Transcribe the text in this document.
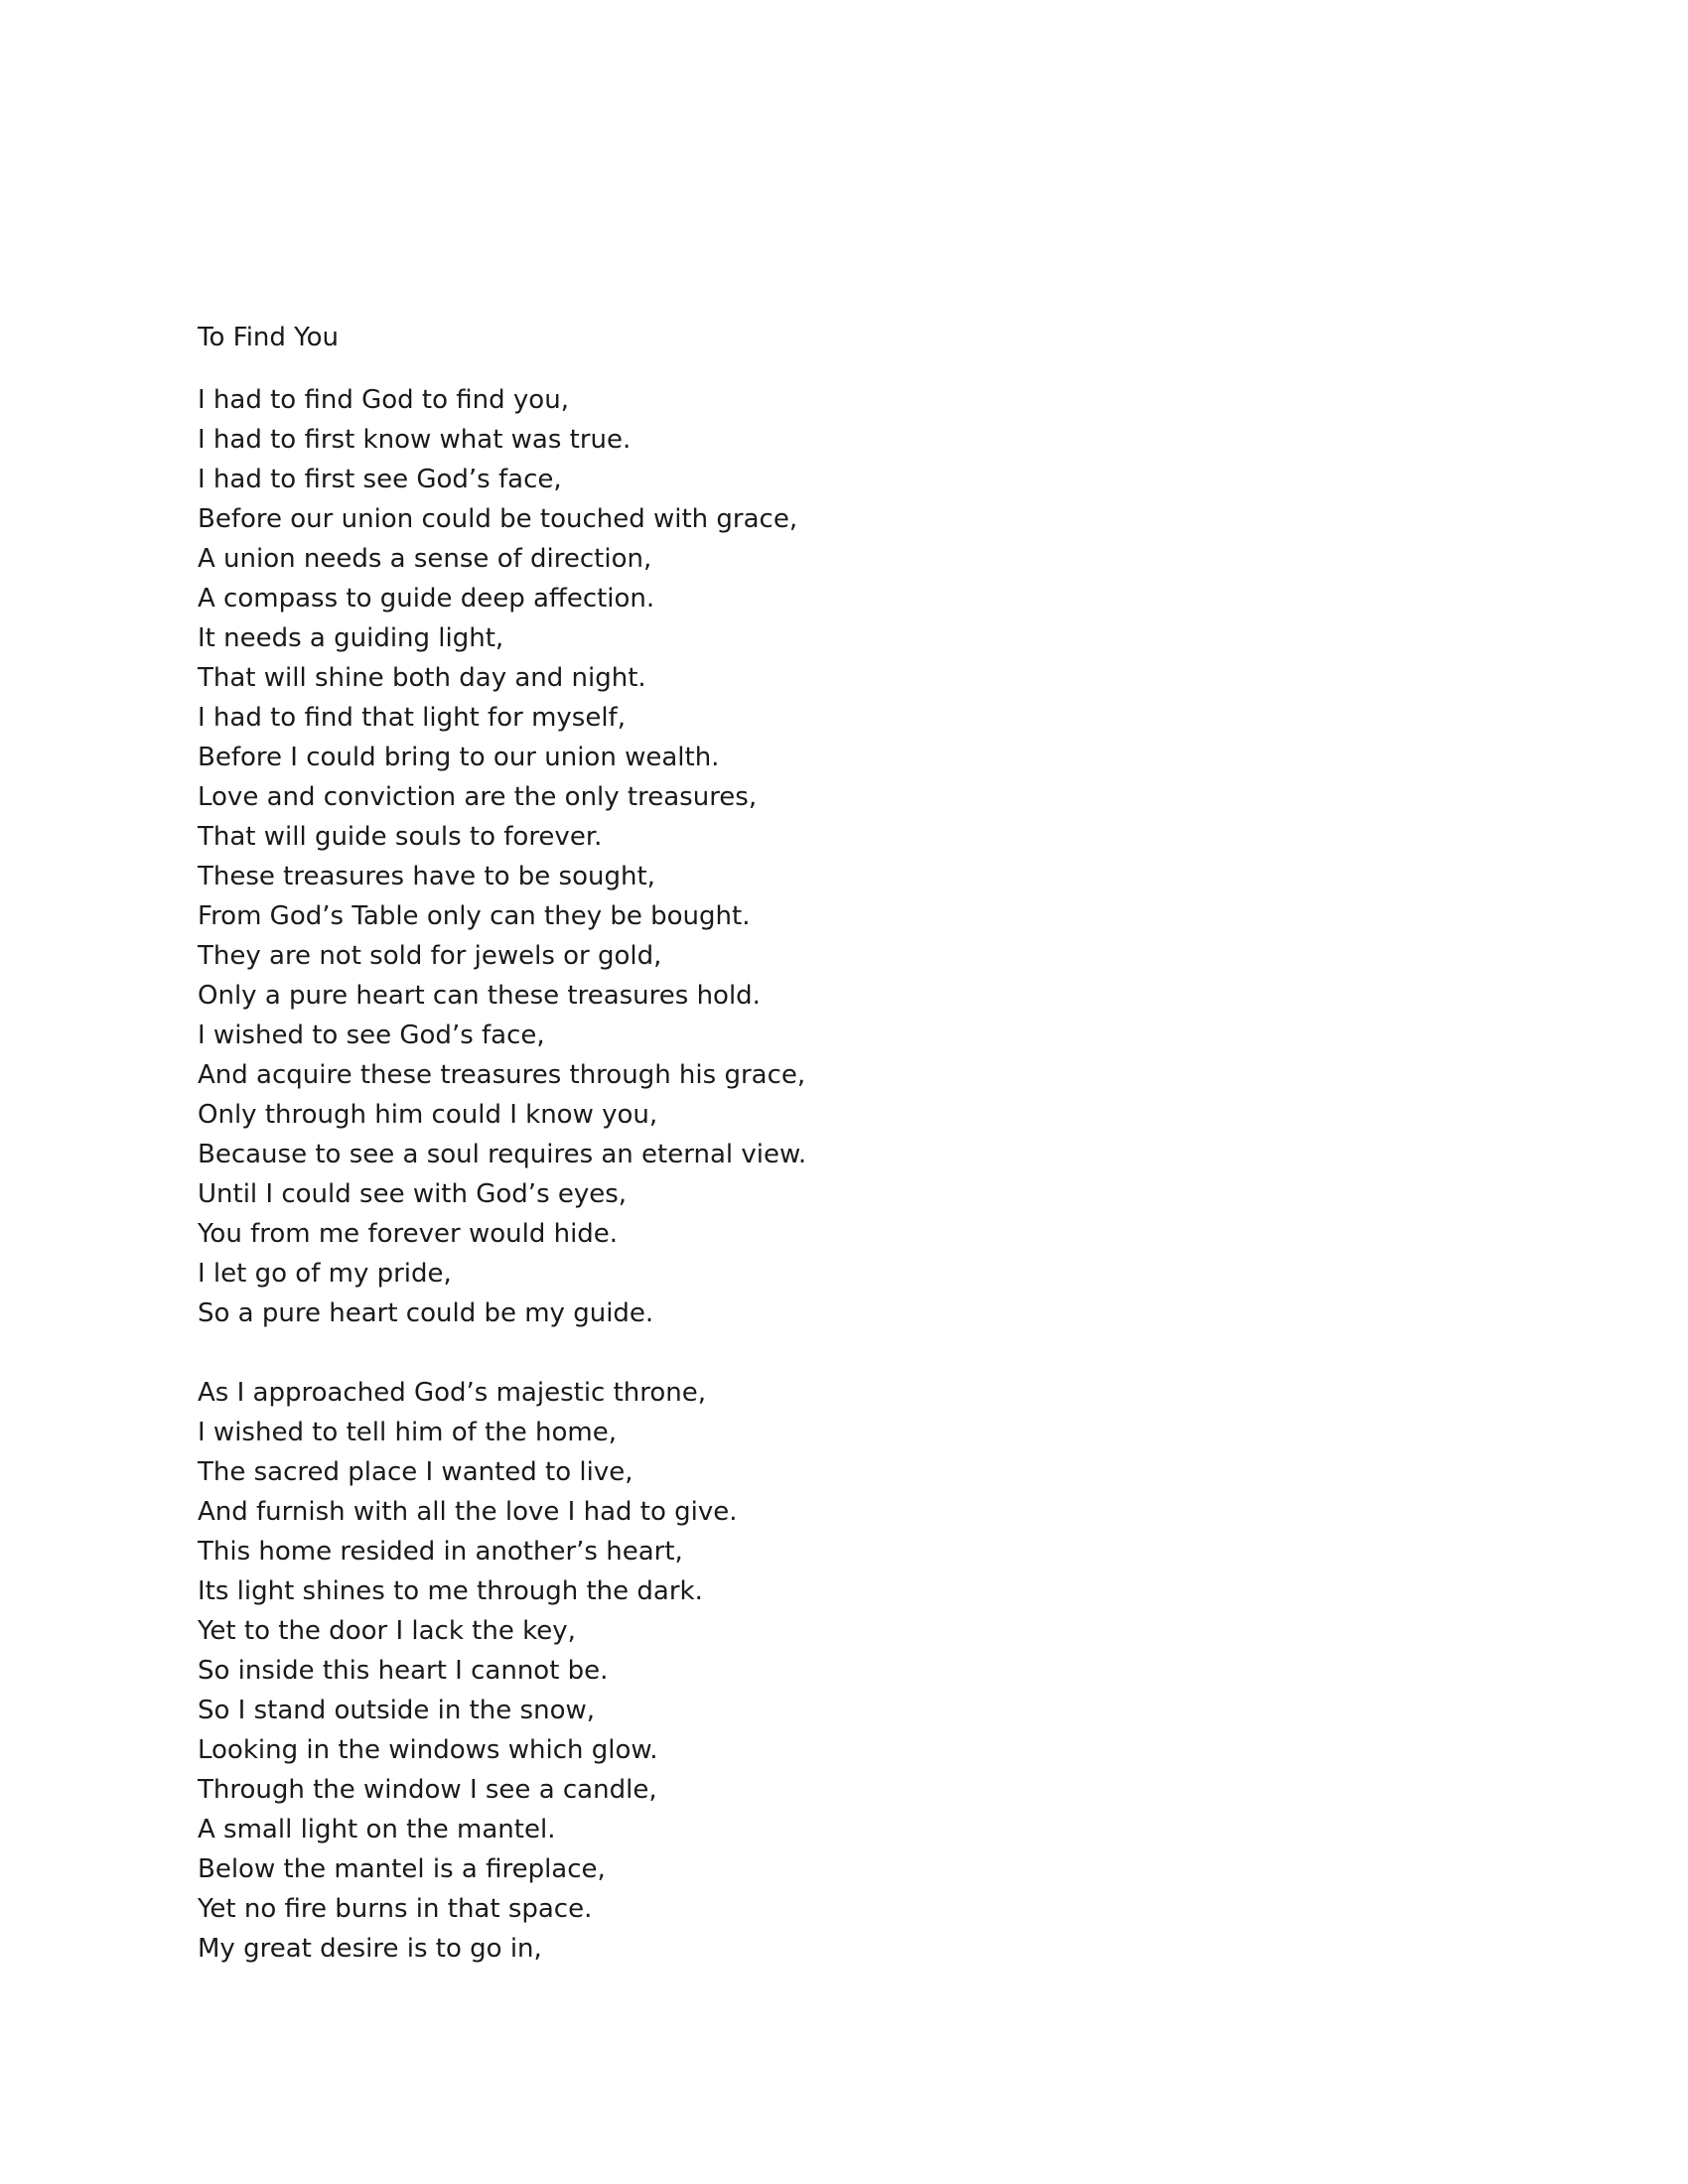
To Find You
I had to find God to find you,
I had to first know what was true.
I had to first see God’s face,
Before our union could be touched with grace,
A union needs a sense of direction,
A compass to guide deep affection.
It needs a guiding light,
That will shine both day and night.
I had to find that light for myself,
Before I could bring to our union wealth.
Love and conviction are the only treasures,
That will guide souls to forever.
These treasures have to be sought,
From God’s Table only can they be bought.
They are not sold for jewels or gold,
Only a pure heart can these treasures hold.
I wished to see God’s face,
And acquire these treasures through his grace,
Only through him could I know you,
Because to see a soul requires an eternal view.
Until I could see with God’s eyes,
You from me forever would hide.
I let go of my pride,
So a pure heart could be my guide.
As I approached God’s majestic throne,
I wished to tell him of the home,
The sacred place I wanted to live,
And furnish with all the love I had to give.
This home resided in another’s heart,
Its light shines to me through the dark.
Yet to the door I lack the key,
So inside this heart I cannot be.
So I stand outside in the snow,
Looking in the windows which glow.
Through the window I see a candle,
A small light on the mantel.
Below the mantel is a fireplace,
Yet no fire burns in that space.
My great desire is to go in,
